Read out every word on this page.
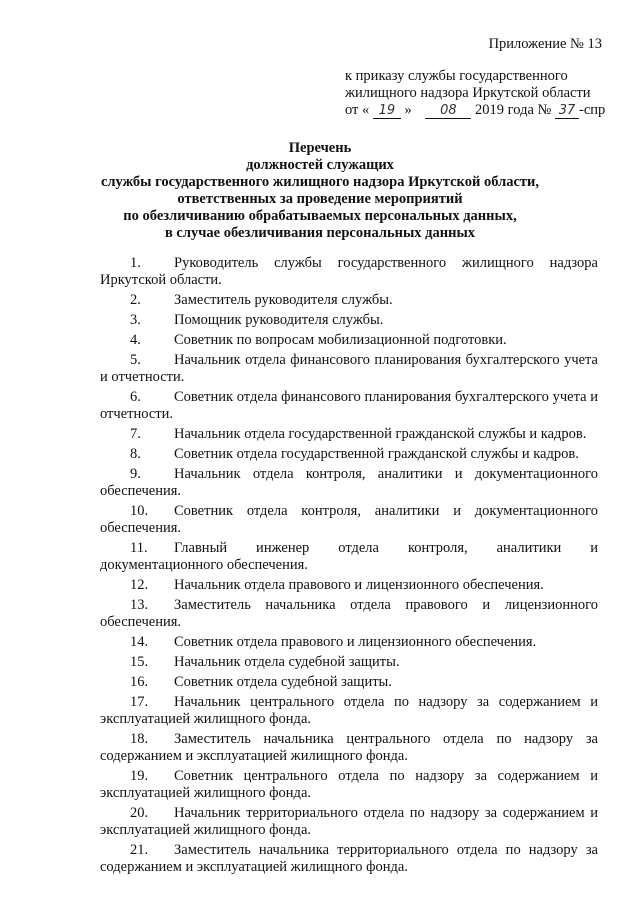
Приложение № 13
к приказу службы государственного
жилищного надзора Иркутской области
от « 19 » 08 2019 года № 37 -спр
Перечень
должностей служащих
службы государственного жилищного надзора Иркутской области,
ответственных за проведение мероприятий
по обезличиванию обрабатываемых персональных данных,
в случае обезличивания персональных данных
1. Руководитель службы государственного жилищного надзора Иркутской области.
2. Заместитель руководителя службы.
3. Помощник руководителя службы.
4. Советник по вопросам мобилизационной подготовки.
5. Начальник отдела финансового планирования бухгалтерского учета и отчетности.
6. Советник отдела финансового планирования бухгалтерского учета и отчетности.
7. Начальник отдела государственной гражданской службы и кадров.
8. Советник отдела государственной гражданской службы и кадров.
9. Начальник отдела контроля, аналитики и документационного обеспечения.
10. Советник отдела контроля, аналитики и документационного обеспечения.
11. Главный инженер отдела контроля, аналитики и документационного обеспечения.
12. Начальник отдела правового и лицензионного обеспечения.
13. Заместитель начальника отдела правового и лицензионного обеспечения.
14. Советник отдела правового и лицензионного обеспечения.
15. Начальник отдела судебной защиты.
16. Советник отдела судебной защиты.
17. Начальник центрального отдела по надзору за содержанием и эксплуатацией жилищного фонда.
18. Заместитель начальника центрального отдела по надзору за содержанием и эксплуатацией жилищного фонда.
19. Советник центрального отдела по надзору за содержанием и эксплуатацией жилищного фонда.
20. Начальник территориального отдела по надзору за содержанием и эксплуатацией жилищного фонда.
21. Заместитель начальника территориального отдела по надзору за содержанием и эксплуатацией жилищного фонда.
